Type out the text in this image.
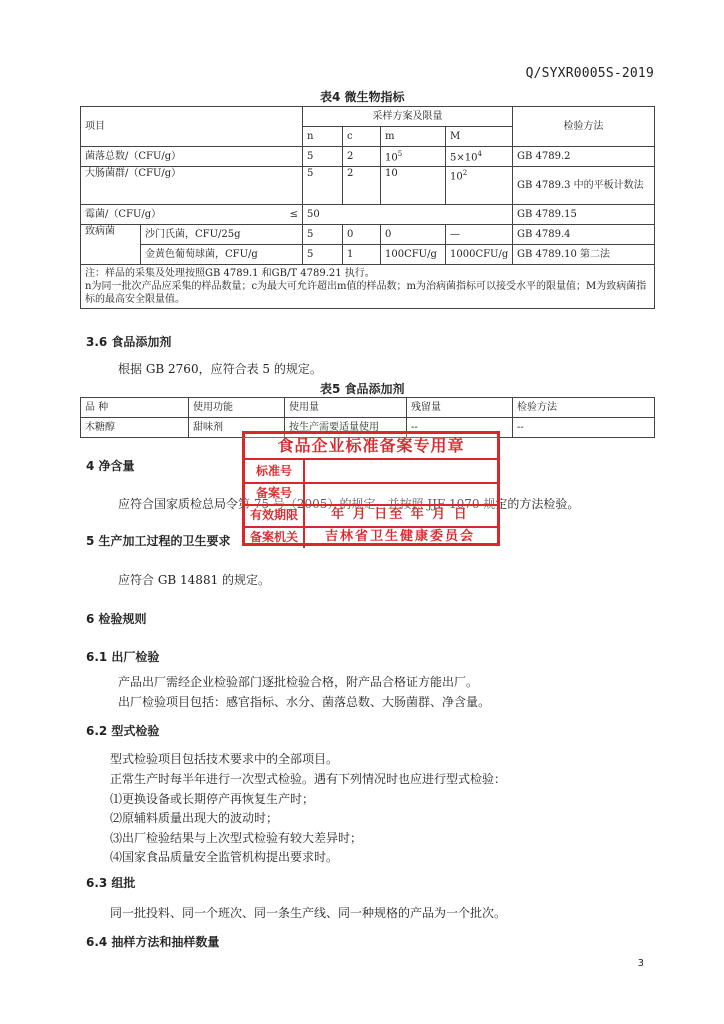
Q/SYXR0005S-2019
表4 微生物指标
项目		采样方案及限量				检验方法
		n	c	m	M	
菌落总数/（CFU/g）		5	2	$10^5$	$5\times 10^4$	GB 4789.2
大肠菌群/（CFU/g）		5	2	10	$10^2$	GB 4789.3 中的平板计数法
霉菌/（CFU/g） ≤		50				GB 4789.15
致病菌	沙门氏菌，CFU/25g	5	0	0	—	GB 4789.4
	金黄色葡萄球菌，CFU/g	5	1	100CFU/g	1000CFU/g	GB 4789.10 第二法

注：样品的采集及处理按照GB 4789.1 和GB/T 4789.21 执行。
n为同一批次产品应采集的样品数量；c为最大可允许超出m值的样品数；m为治病菌指标可以接受水平的限量值；M为致病菌指标的最高安全限量值。						
3.6 食品添加剂
根据 GB 2760，应符合表 5 的规定。
表5 食品添加剂
品 种	使用功能	使用量	残留量	检验方法
木糖醇	甜味剂	按生产需要适量使用	--	--
4 净含量
应符合国家质检总局令第 75 号（2005）的规定，并按照 JJF 1070 规定的方法检验。
5 生产加工过程的卫生要求
应符合 GB 14881 的规定。
食品企业标准备案专用章
标准号
备案号
有效期限	年 月 日至 年 月 日
备案机关	吉林省卫生健康委员会
6 检验规则
6.1 出厂检验
产品出厂需经企业检验部门逐批检验合格，附产品合格证方能出厂。
出厂检验项目包括：感官指标、水分、菌落总数、大肠菌群、净含量。
6.2 型式检验
型式检验项目包括技术要求中的全部项目。
正常生产时每半年进行一次型式检验。遇有下列情况时也应进行型式检验：
⑴更换设备或长期停产再恢复生产时；
⑵原辅料质量出现大的波动时；
⑶出厂检验结果与上次型式检验有较大差异时；
⑷国家食品质量安全监管机构提出要求时。
6.3 组批
同一批投料、同一个班次、同一条生产线、同一种规格的产品为一个批次。
6.4 抽样方法和抽样数量
3
